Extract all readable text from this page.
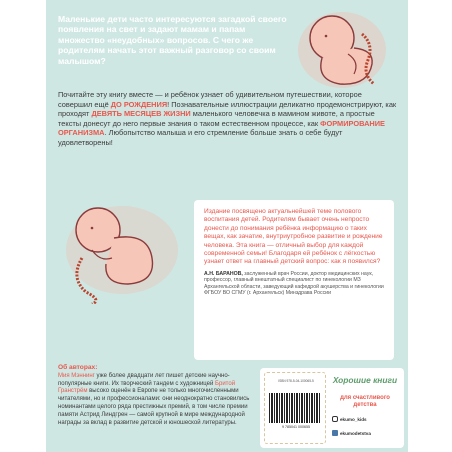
Маленькие дети часто интересуются загадкой своего появления на свет и задают мамам и папам множество «неудобных» вопросов. С чего же родителям начать этот важный разговор со своим малышом?

Почитайте эту книгу вместе — и ребёнок узнает об удивительном путешествии, которое совершил ещё ДО РОЖДЕНИЯ! Познавательные иллюстрации деликатно продемонстрируют, как проходят ДЕВЯТЬ МЕСЯЦЕВ ЖИЗНИ маленького человечка в мамином животе, а простые тексты донесут до него первые знания о таком естественном процессе, как ФОРМИРОВАНИЕ ОРГАНИЗМА. Любопытство малыша и его стремление больше знать о себе будут удовлетворены!

Издание посвящено актуальнейшей теме полового воспитания детей. Родителям бывает очень непросто донести до понимания ребёнка информацию о таких вещах, как зачатие, внутриутробное развитие и рождение человека. Эта книга — отличный выбор для каждой современной семьи! Благодаря ей ребёнок с лёгкостью узнает ответ на главный детский вопрос: как я появился?

А.Н. БАРАНОВ, заслуженный врач России, доктор медицинских наук, профессор, главный внештатный специалист по гинекологии МЗ Архангельской области, заведующий кафедрой акушерства и гинекологии ФГБОУ ВО СГМУ (г. Архангельск) Минздрава России

Об авторах:

Мия Мэннинг уже более двадцати лет пишет детские научно-популярные книги. Их творческий тандем с художницей Бритой Гранстрём высоко оценён в Европе не только многочисленными читателями, но и профессионалами: они неоднократно становились номинантами целого ряда престижных премий, в том числе премии памяти Астрид Линдгрен — самой крупной в мире международной награды за вклад в развитие детской и юношеской литературы.

ISBN 978-5-04-100065-5
9 785041 000655
Хорошие книги
для счастливого детства
ekumo_kids
ekumodetstva
